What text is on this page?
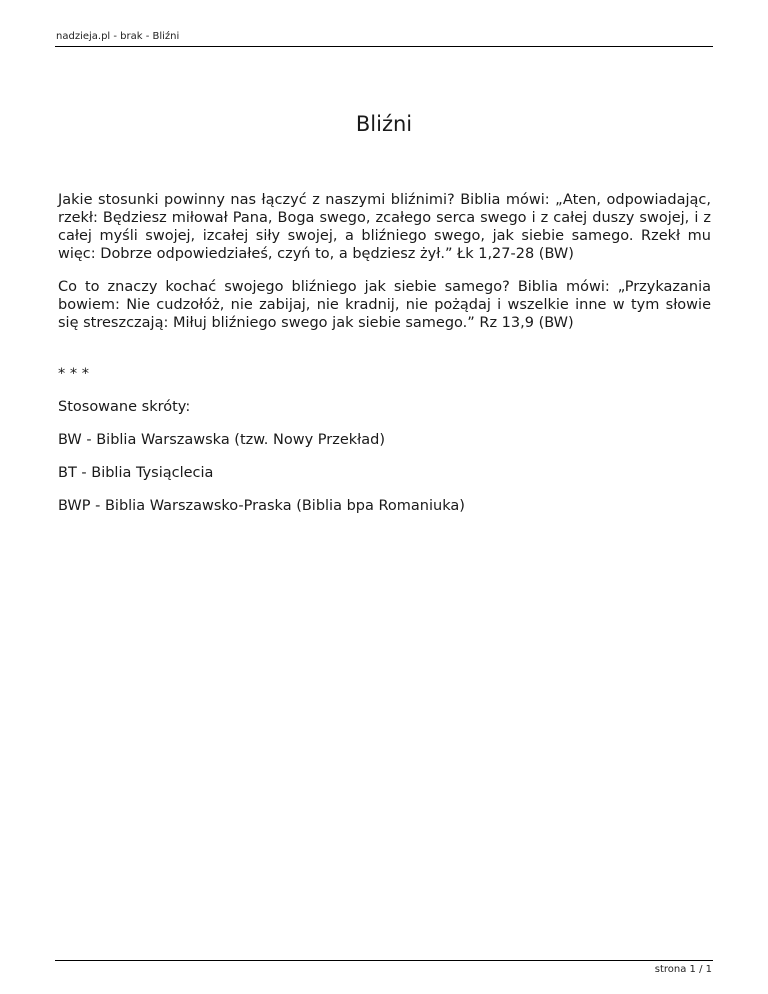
nadzieja.pl - brak - Bliźni
Bliźni

Jakie stosunki powinny nas łączyć z naszymi bliźnimi? Biblia mówi: „Aten, odpowiadając, rzekł: Będziesz miłował Pana, Boga swego, zcałego serca swego i z całej duszy swojej, i z całej myśli swojej, izcałej siły swojej, a bliźniego swego, jak siebie samego. Rzekł mu więc: Dobrze odpowiedziałeś, czyń to, a będziesz żył.” Łk 1,27-28 (BW)

Co to znaczy kochać swojego bliźniego jak siebie samego? Biblia mówi: „Przykazania bowiem: Nie cudzołóż, nie zabijaj, nie kradnij, nie pożądaj i wszelkie inne w tym słowie się streszczają: Miłuj bliźniego swego jak siebie samego.” Rz 13,9 (BW)

* * *

Stosowane skróty:

BW - Biblia Warszawska (tzw. Nowy Przekład)

BT - Biblia Tysiąclecia

BWP - Biblia Warszawsko-Praska (Biblia bpa Romaniuka)

strona 1 / 1
